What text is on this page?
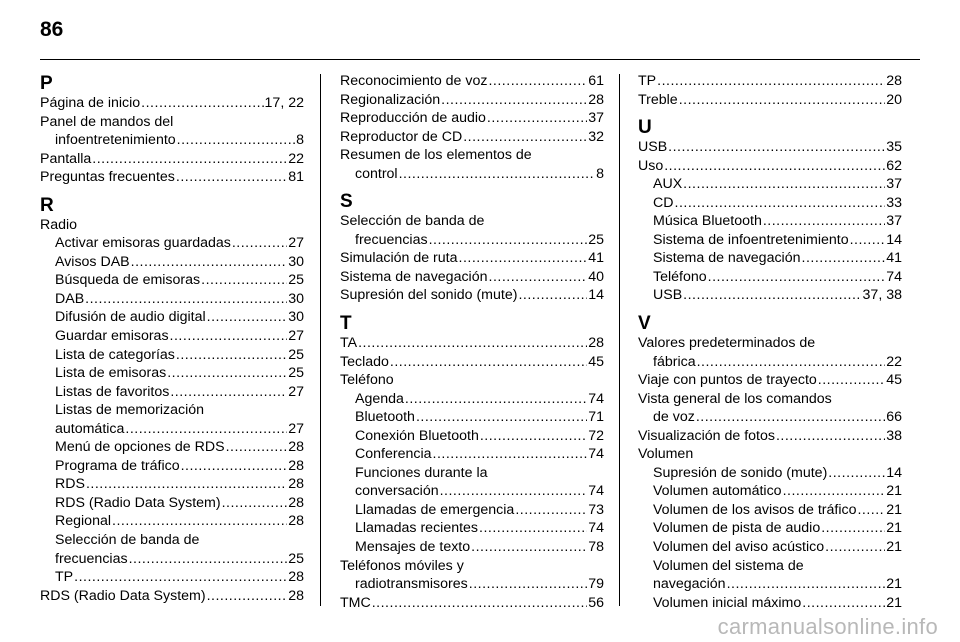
86
P
Página de inicio .....	17, 22
Panel de mandos del
infoentretenimiento .....	8
Pantalla .....	22
Preguntas frecuentes .....	81
R
Radio
Activar emisoras guardadas .....	27
Avisos DAB .....	30
Búsqueda de emisoras .....	25
DAB .....	30
Difusión de audio digital .....	30
Guardar emisoras .....	27
Lista de categorías .....	25
Lista de emisoras .....	25
Listas de favoritos .....	27
Listas de memorización
automática .....	27
Menú de opciones de RDS .....	28
Programa de tráfico .....	28
RDS .....	28
RDS (Radio Data System) .....	28
Regional .....	28
Selección de banda de
frecuencias .....	25
TP .....	28
RDS (Radio Data System) .....	28
Reconocimiento de voz .....	61
Regionalización .....	28
Reproducción de audio .....	37
Reproductor de CD .....	32
Resumen de los elementos de
control .....	8
S
Selección de banda de
frecuencias .....	25
Simulación de ruta .....	41
Sistema de navegación .....	40
Supresión del sonido (mute) .....	14
T
TA .....	28
Teclado .....	45
Teléfono
Agenda .....	74
Bluetooth .....	71
Conexión Bluetooth .....	72
Conferencia .....	74
Funciones durante la
conversación .....	74
Llamadas de emergencia .....	73
Llamadas recientes .....	74
Mensajes de texto .....	78
Teléfonos móviles y
radiotransmisores .....	79
TMC .....	56
TP .....	28
Treble .....	20
U
USB .....	35
Uso .....	62
AUX .....	37
CD .....	33
Música Bluetooth .....	37
Sistema de infoentretenimiento .....	14
Sistema de navegación .....	41
Teléfono .....	74
USB .....	37, 38
V
Valores predeterminados de
fábrica .....	22
Viaje con puntos de trayecto .....	45
Vista general de los comandos
de voz .....	66
Visualización de fotos .....	38
Volumen
Supresión de sonido (mute) .....	14
Volumen automático .....	21
Volumen de los avisos de tráfico ..... 21
Volumen de pista de audio .....	21
Volumen del aviso acústico .....	21
Volumen del sistema de
navegación .....	21
Volumen inicial máximo .....	21
carmanualsonline.info
